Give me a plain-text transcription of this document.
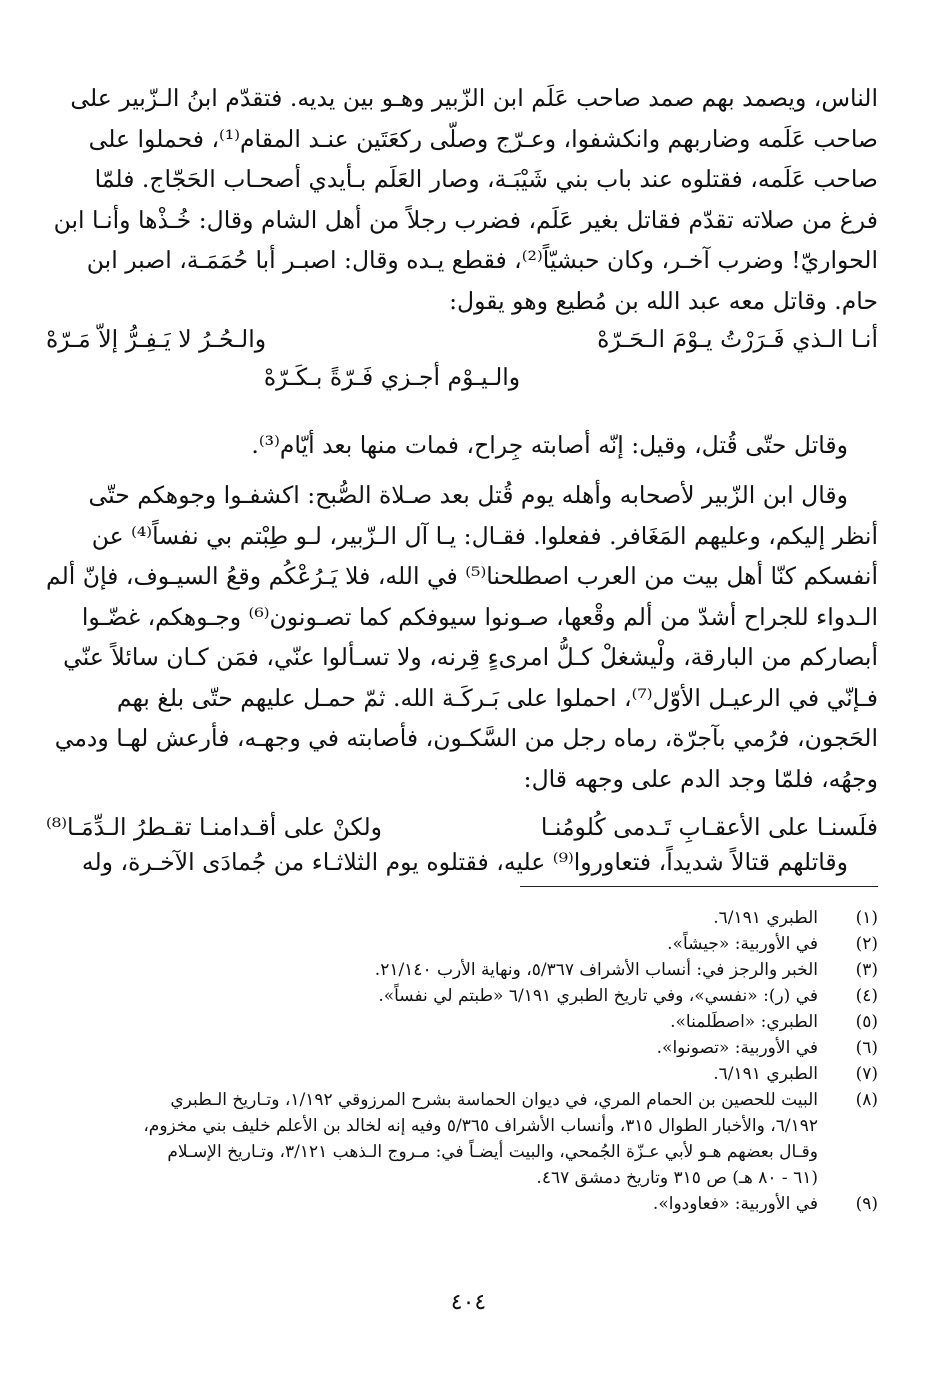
الناس، ويصمد بهم صمد صاحب عَلَم ابن الزّبير وهـو بين يديه. فتقدّم ابنُ الـزّبير على
صاحب عَلَمه وضاربهم وانكشفوا، وعـرّج وصلّى ركعَتَين عنـد المقام⁽¹⁾، فحملوا على
صاحب عَلَمه، فقتلوه عند باب بني شَيْبَـة، وصار العَلَم بـأيدي أصحـاب الحَجّاج. فلمّا
فرغ من صلاته تقدّم فقاتل بغير عَلَم، فضرب رجلاً من أهل الشام وقال: خُـذْها وأنـا ابن
الحواريّ! وضرب آخـر، وكان حبشيّاً⁽²⁾، فقطع يـده وقال: اصبـر أبا حُمَمَـة، اصبر ابن
حام. وقاتل معه عبد الله بن مُطيع وهو يقول:
أنـا الـذي فَـرَرْتُ يـوْمَ الـحَـرّهْ
والـحُـرُ لا يَـفِـرُّ إلاّ مَـرّهْ
والـيـوْم أجـزي فَـرّةً بـكَـرّهْ
وقاتل حتّى قُتل، وقيل: إنّه أصابته جِراح، فمات منها بعد أيّام⁽³⁾.
وقال ابن الزّبير لأصحابه وأهله يوم قُتل بعد صـلاة الصُّبح: اكشفـوا وجوهكم حتّى
أنظر إليكم، وعليهم المَغَافر. ففعلوا. فقـال: يـا آل الـزّبير، لـو طِبْتم بي نفساً⁽⁴⁾ عن
أنفسكم كنّا أهل بيت من العرب اصطلحنا⁽⁵⁾ في الله، فلا يَـرُعْكُم وقعُ السيـوف، فإنّ ألم
الـدواء للجراح أشدّ من ألم وقْعها، صـونوا سيوفكم كما تصـونون⁽⁶⁾ وجـوهكم، غضّـوا
أبصاركم من البارقة، ولْيشغلْ كـلُّ امرىءٍ قِرنه، ولا تسـألوا عنّي، فمَن كـان سائلاً عنّي
فـإنّي في الرعيـل الأوّل⁽⁷⁾، احملوا على بَـركَـة الله. ثمّ حمـل عليهم حتّى بلغ بهم
الحَجون، فرُمي بآجرّة، رماه رجل من السَّكـون، فأصابته في وجهـه، فأرعش لهـا ودمي
وجهُه، فلمّا وجد الدم على وجهه قال:
فلَسنـا على الأعقـابِ تَـدمى كُلومُنـا
ولكنْ على أقـدامنـا تقـطرُ الـدِّمَـا⁽⁸⁾
وقاتلهم قتالاً شديداً، فتعاوروا⁽⁹⁾ عليه، فقتلوه يوم الثلاثـاء من جُمادَى الآخـرة، وله
(١)
الطبري ٦/١٩١.
(٢)
في الأوربية: «جيشاً».
(٣)
الخبر والرجز في: أنساب الأشراف ٥/٣٦٧، ونهاية الأرب ٢١/١٤٠.
(٤)
في (ر): «نفسي»، وفي تاريخ الطبري ٦/١٩١ «طبتم لي نفساً».
(٥)
الطبري: «اصطَلمنا».
(٦)
في الأوربية: «تصونوا».
(٧)
الطبري ٦/١٩١.
(٨)
البيت للحصين بن الحمام المري، في ديوان الحماسة بشرح المرزوقي ١/١٩٢، وتـاريخ الـطبري
٦/١٩٢، والأخبار الطوال ٣١٥، وأنساب الأشراف ٥/٣٦٥ وفيه إنه لخالد بن الأعلم خليف بني مخزوم،
وقـال بعضهم هـو لأبي عـزّة الجُمحي، والبيت أيضـاً في: مـروج الـذهب ٣/١٢١، وتـاريخ الإسـلام
(٦١ - ٨٠ هـ) ص ٣١٥ وتاريخ دمشق ٤٦٧.
(٩)
في الأوربية: «فعاودوا».
٤٠٤
